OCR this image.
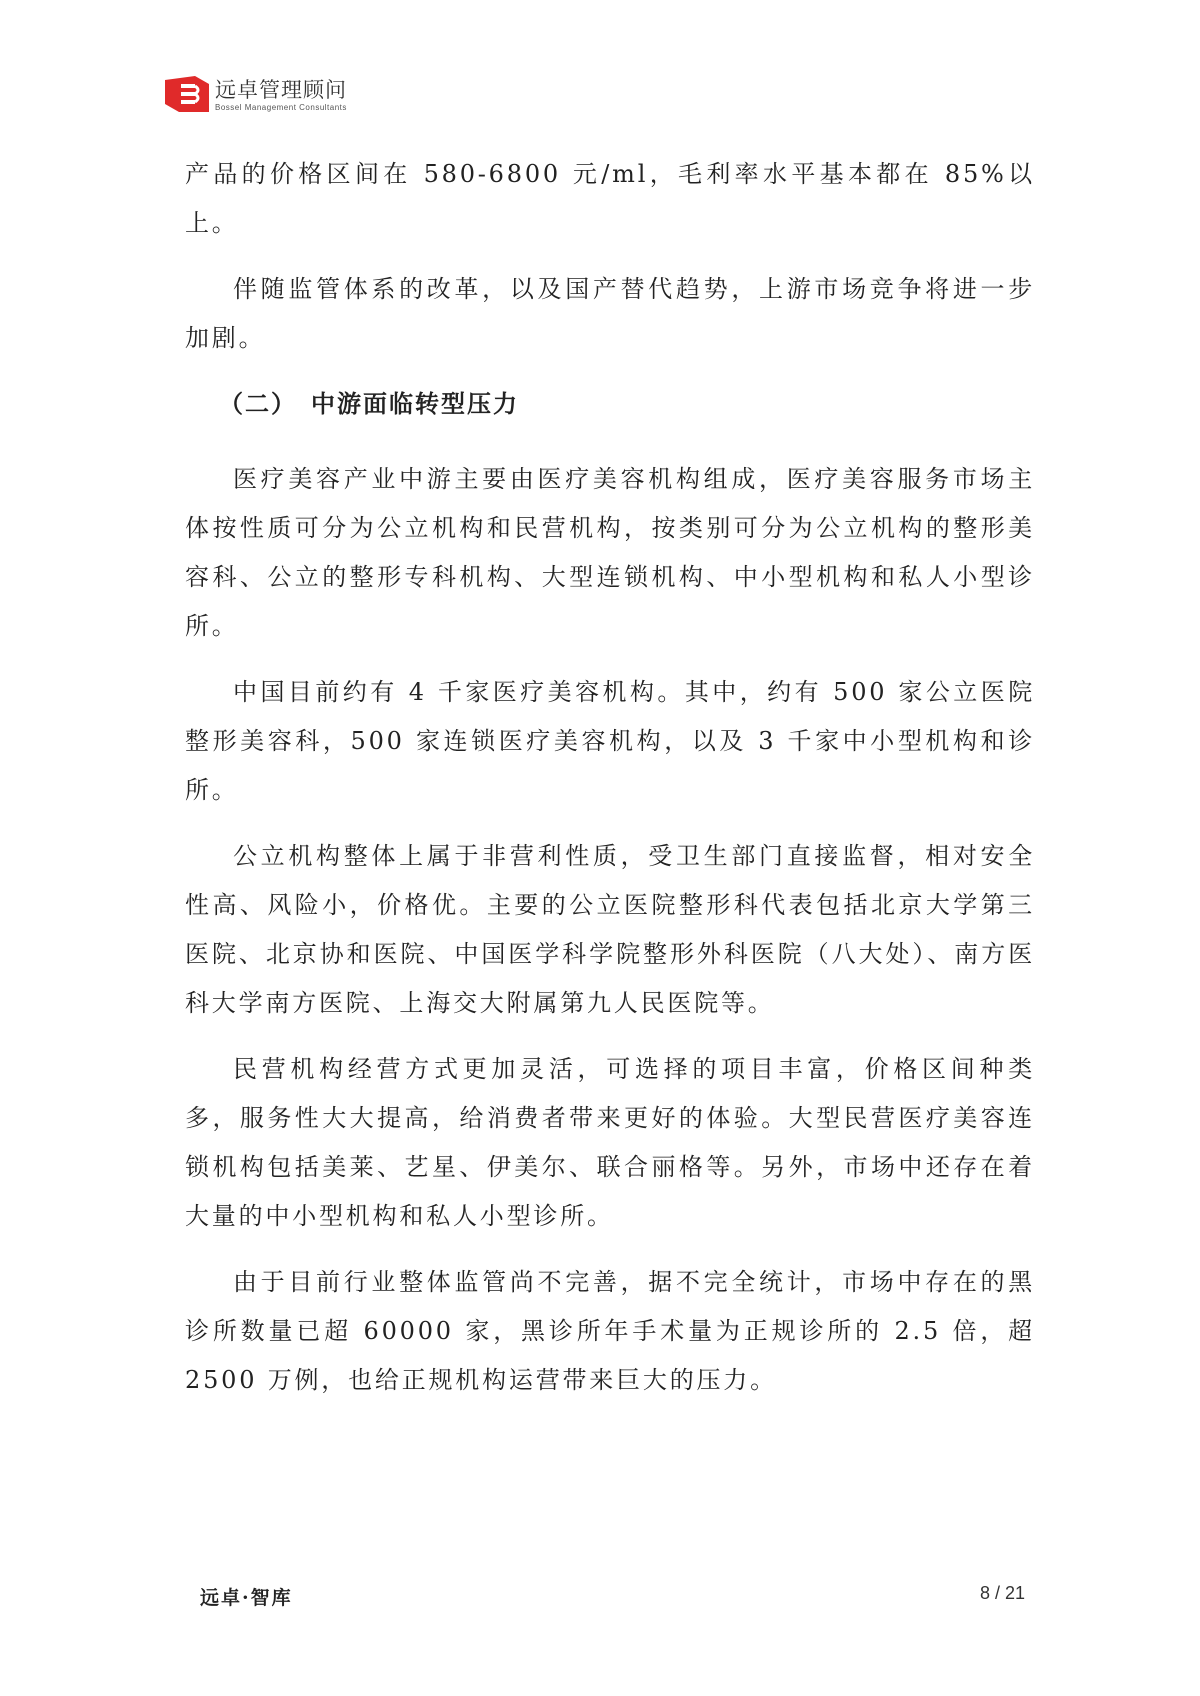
远卓管理顾问
Bossel Management Consultants

产品的价格区间在 580-6800 元/ml，毛利率水平基本都在 85%以上。

伴随监管体系的改革，以及国产替代趋势，上游市场竞争将进一步加剧。

（二）　中游面临转型压力

医疗美容产业中游主要由医疗美容机构组成，医疗美容服务市场主体按性质可分为公立机构和民营机构，按类别可分为公立机构的整形美容科、公立的整形专科机构、大型连锁机构、中小型机构和私人小型诊所。

中国目前约有 4 千家医疗美容机构。其中，约有 500 家公立医院整形美容科，500 家连锁医疗美容机构，以及 3 千家中小型机构和诊所。

公立机构整体上属于非营利性质，受卫生部门直接监督，相对安全性高、风险小，价格优。主要的公立医院整形科代表包括北京大学第三医院、北京协和医院、中国医学科学院整形外科医院（八大处）、南方医科大学南方医院、上海交大附属第九人民医院等。

民营机构经营方式更加灵活，可选择的项目丰富，价格区间种类多，服务性大大提高，给消费者带来更好的体验。大型民营医疗美容连锁机构包括美莱、艺星、伊美尔、联合丽格等。另外，市场中还存在着大量的中小型机构和私人小型诊所。

由于目前行业整体监管尚不完善，据不完全统计，市场中存在的黑诊所数量已超 60000 家，黑诊所年手术量为正规诊所的 2.5 倍，超 2500 万例，也给正规机构运营带来巨大的压力。

远卓·智库	8 / 21
